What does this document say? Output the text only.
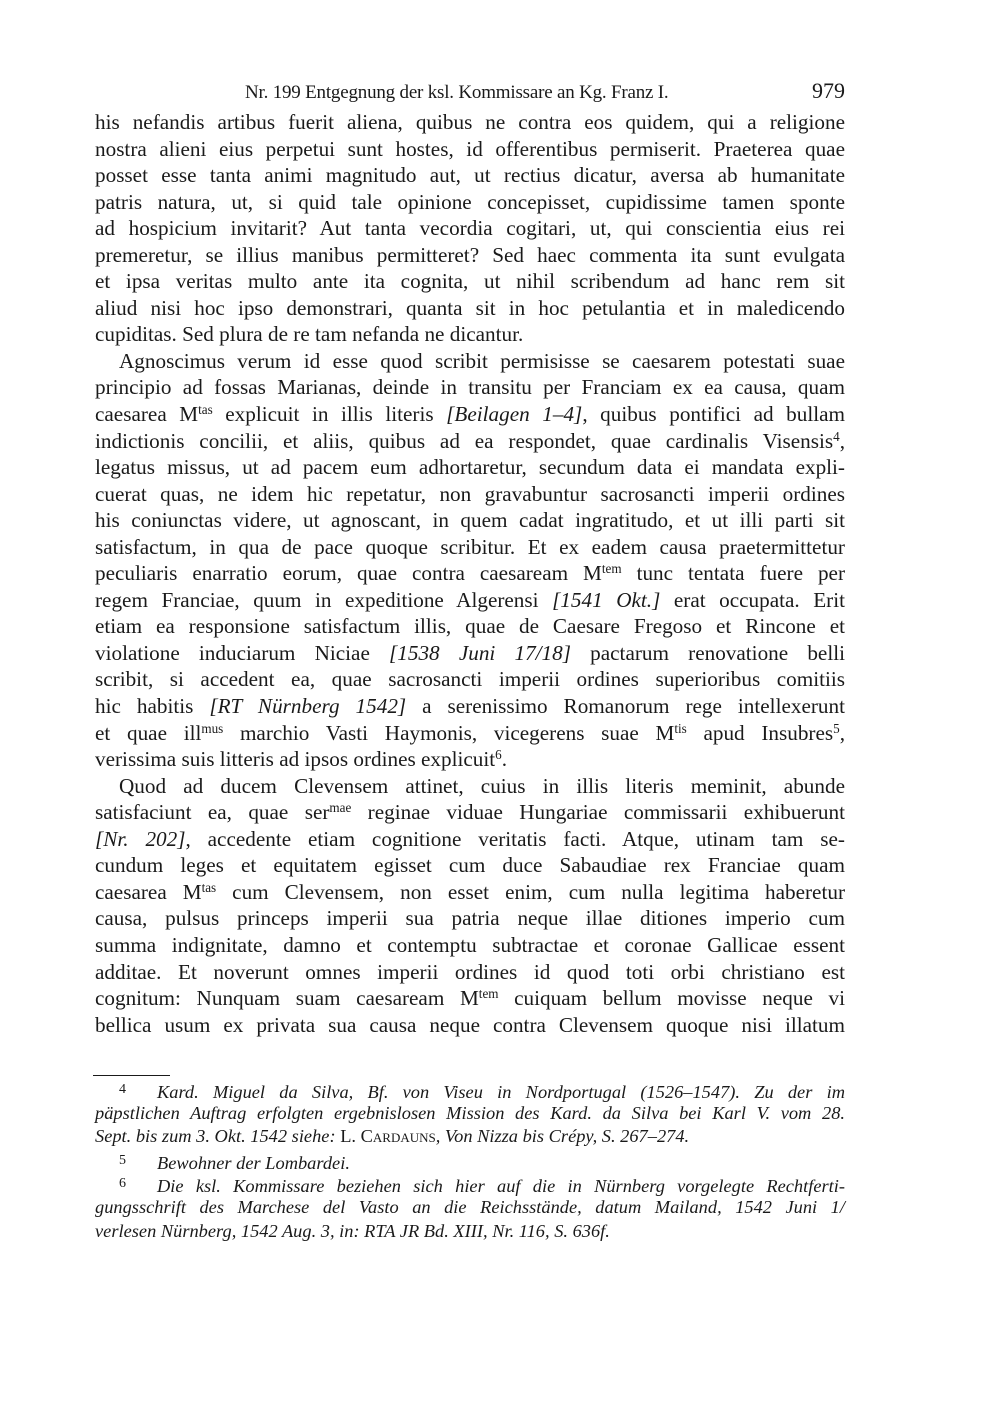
Nr. 199 Entgegnung der ksl. Kommissare an Kg. Franz I.	979

his nefandis artibus fuerit aliena, quibus ne contra eos quidem, qui a religione
nostra alieni eius perpetui sunt hostes, id offerentibus permiserit. Praeterea quae
posset esse tanta animi magnitudo aut, ut rectius dicatur, aversa ab humanitate
patris natura, ut, si quid tale opinione concepisset, cupidissime tamen sponte
ad hospicium invitarit? Aut tanta vecordia cogitari, ut, qui conscientia eius rei
premeretur, se illius manibus permitteret? Sed haec commenta ita sunt evulgata
et ipsa veritas multo ante ita cognita, ut nihil scribendum ad hanc rem sit
aliud nisi hoc ipso demonstrari, quanta sit in hoc petulantia et in maledicendo
cupiditas. Sed plura de re tam nefanda ne dicantur.

Agnoscimus verum id esse quod scribit permisisse se caesarem potestati suae
principio ad fossas Marianas, deinde in transitu per Franciam ex ea causa, quam
caesarea $M^{tas}$ explicuit in illis literis [Beilagen 1–4], quibus pontifici ad bullam
indictionis concilii, et aliis, quibus ad ea respondet, quae cardinalis Visensis$^4$,
legatus missus, ut ad pacem eum adhortaretur, secundum data ei mandata expli-
cuerat quas, ne idem hic repetatur, non gravabuntur sacrosancti imperii ordines
his coniunctas videre, ut agnoscant, in quem cadat ingratitudo, et ut illi parti sit
satisfactum, in qua de pace quoque scribitur. Et ex eadem causa praetermittetur
peculiaris enarratio eorum, quae contra caesaream $M^{tem}$ tunc tentata fuere per
regem Franciae, quum in expeditione Algerensi [1541 Okt.] erat occupata. Erit
etiam ea responsione satisfactum illis, quae de Caesare Fregoso et Rincone et
violatione induciarum Niciae [1538 Juni 17/18] pactarum renovatione belli
scribit, si accedent ea, quae sacrosancti imperii ordines superioribus comitiis
hic habitis [RT Nürnberg 1542] a serenissimo Romanorum rege intellexerunt
et quae ill$^{mus}$ marchio Vasti Haymonis, vicegerens suae $M^{tis}$ apud Insubres$^5$,
verissima suis litteris ad ipsos ordines explicuit$^6$.

Quod ad ducem Clevensem attinet, cuius in illis literis meminit, abunde
satisfaciunt ea, quae ser$^{mae}$ reginae viduae Hungariae commissarii exhibuerunt
[Nr. 202], accedente etiam cognitione veritatis facti. Atque, utinam tam se-
cundum leges et equitatem egisset cum duce Sabaudiae rex Franciae quam
caesarea $M^{tas}$ cum Clevensem, non esset enim, cum nulla legitima haberetur
causa, pulsus princeps imperii sua patria neque illae ditiones imperio cum
summa indignitate, damno et contemptu subtractae et coronae Gallicae essent
additae. Et noverunt omnes imperii ordines id quod toti orbi christiano est
cognitum: Nunquam suam caesaream $M^{tem}$ cuiquam bellum movisse neque vi
bellica usum ex privata sua causa neque contra Clevensem quoque nisi illatum

4 Kard. Miguel da Silva, Bf. von Viseu in Nordportugal (1526–1547). Zu der im
päpstlichen Auftrag erfolgten ergebnislosen Mission des Kard. da Silva bei Karl V. vom 28.
Sept. bis zum 3. Okt. 1542 siehe: L. Cardauns, Von Nizza bis Crépy, S. 267–274.
5 Bewohner der Lombardei.
6 Die ksl. Kommissare beziehen sich hier auf die in Nürnberg vorgelegte Rechtferti-
gungsschrift des Marchese del Vasto an die Reichsstände, datum Mailand, 1542 Juni 1/
verlesen Nürnberg, 1542 Aug. 3, in: RTA JR Bd. XIII, Nr. 116, S. 636f.
